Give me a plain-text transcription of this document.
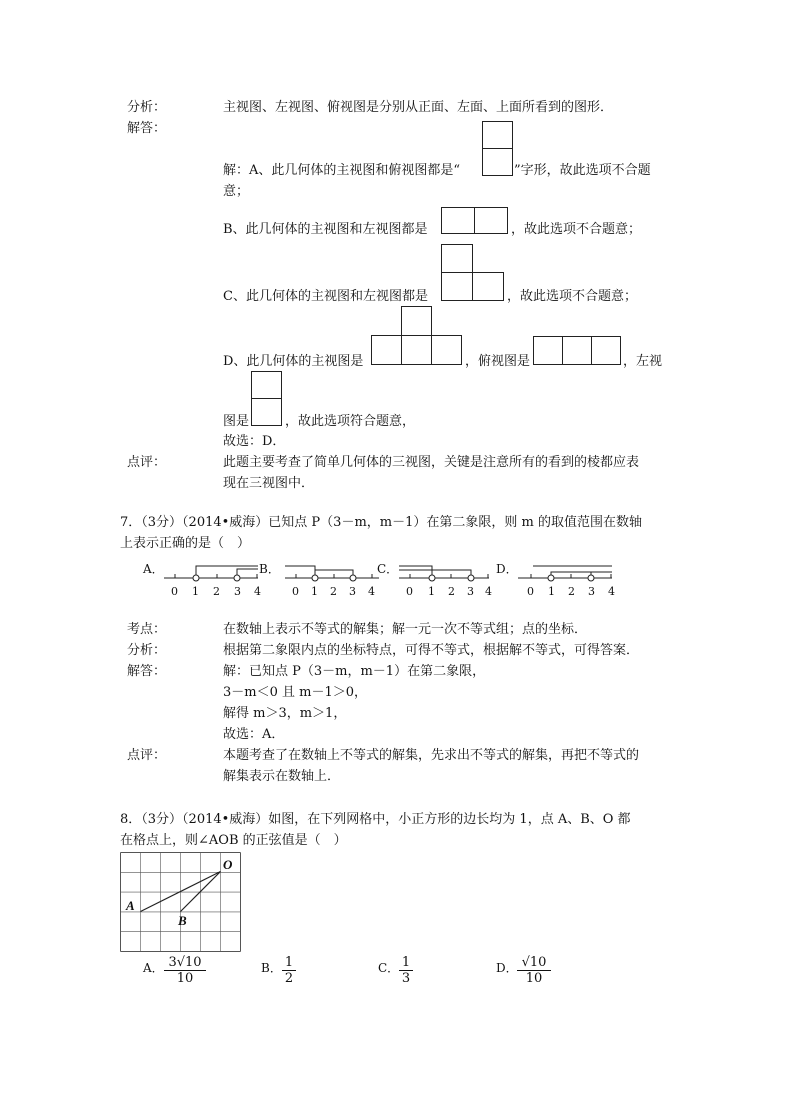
分析：	主视图、左视图、俯视图是分别从正面、左面、上面所看到的图形．
解答：
解：A、此几何体的主视图和俯视图都是“	”字形，故此选项不合题
意；
B、此几何体的主视图和左视图都是	，故此选项不合题意；
C、此几何体的主视图和左视图都是	，故此选项不合题意；
D、此几何体的主视图是	，俯视图是	，左视
图是	，故此选项符合题意，
故选：D．
点评：	此题主要考查了简单几何体的三视图，关键是注意所有的看到的棱都应表
现在三视图中．
7．（3分）（2014•威海）已知点 P（3－m，m－1）在第二象限，则 m 的取值范围在数轴
上表示正确的是（　）
A．	B．	C．	D．
0 1 2 3 4	0 1 2 3 4	0 1 2 3 4	0 1 2 3 4
考点：	在数轴上表示不等式的解集；解一元一次不等式组；点的坐标．
分析：	根据第二象限内点的坐标特点，可得不等式，根据解不等式，可得答案．
解答：	解：已知点 P（3－m，m－1）在第二象限，
3－m＜0 且 m－1＞0，
解得 m＞3，m＞1，
故选：A．
点评：	本题考查了在数轴上不等式的解集，先求出不等式的解集，再把不等式的
解集表示在数轴上．
8．（3分）（2014•威海）如图，在下列网格中，小正方形的边长均为 1，点 A、B、O 都
在格点上，则∠AOB 的正弦值是（　）
O
A
B
A． $\frac{3√10}{10}$	B． $\frac{1}{2}$	C． $\frac{1}{3}$	D． $\frac{√10}{10}$
